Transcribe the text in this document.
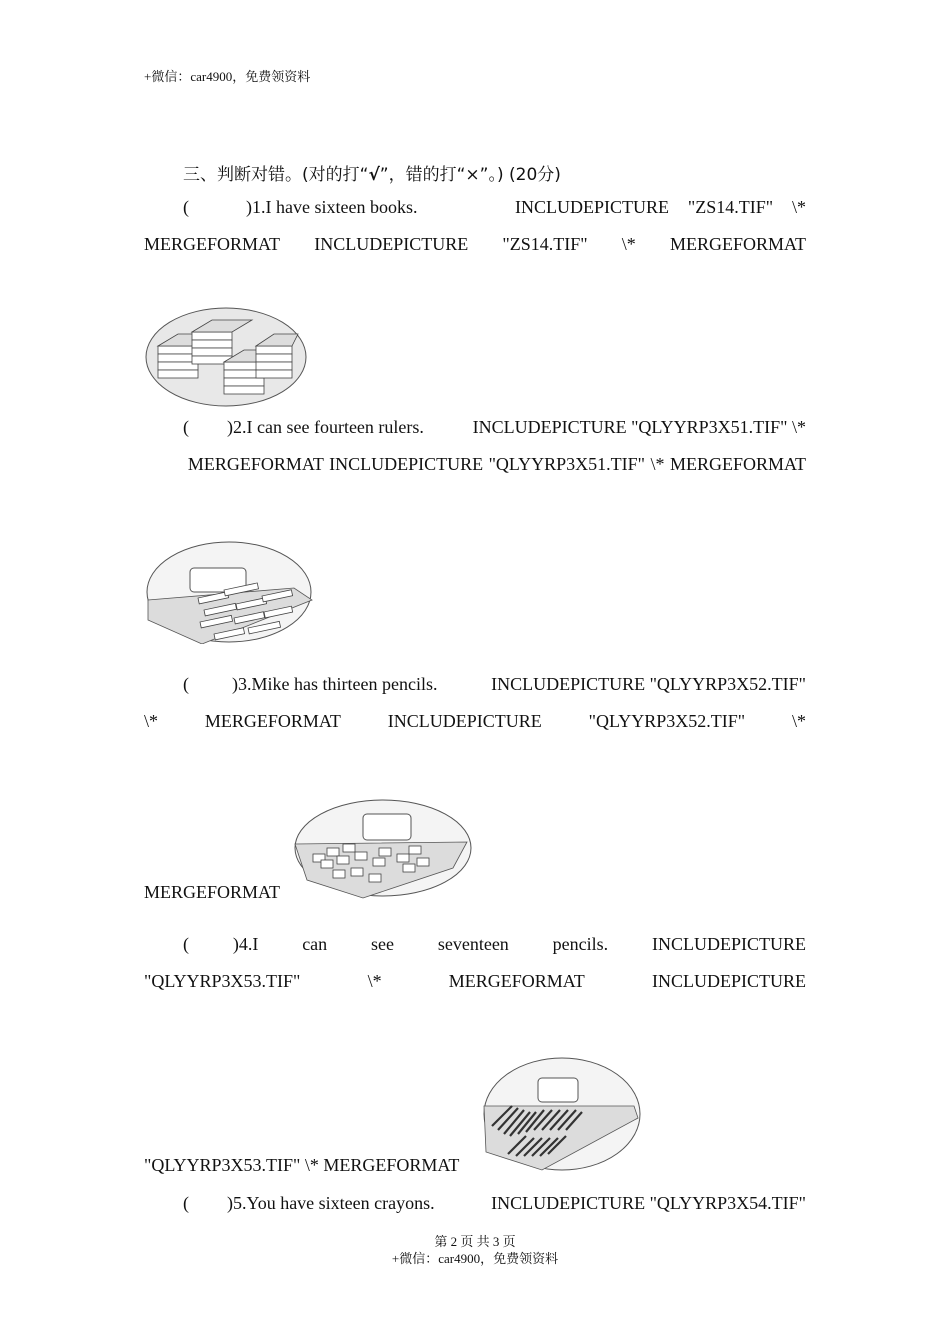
+微信：car4900，免费领资料
三、判断对错。(对的打“√”，错的打“×”。) (20分)
(	)1.I have sixteen books.	INCLUDEPICTURE "ZS14.TIF" \*
MERGEFORMAT INCLUDEPICTURE "ZS14.TIF" \* MERGEFORMAT
( )2.I can see fourteen rulers.	INCLUDEPICTURE "QLYYRP3X51.TIF" \*
MERGEFORMAT INCLUDEPICTURE "QLYYRP3X51.TIF" \* MERGEFORMAT
( )3.Mike has thirteen pencils.	INCLUDEPICTURE "QLYYRP3X52.TIF"
\*	MERGEFORMAT	INCLUDEPICTURE	"QLYYRP3X52.TIF"	\*
MERGEFORMAT
( )4.I can see seventeen pencils. INCLUDEPICTURE
"QLYYRP3X53.TIF"	\*	MERGEFORMAT	INCLUDEPICTURE
"QLYYRP3X53.TIF" \* MERGEFORMAT
( )5.You have sixteen crayons.	INCLUDEPICTURE "QLYYRP3X54.TIF"
第 2 页 共 3 页
+微信：car4900，免费领资料
